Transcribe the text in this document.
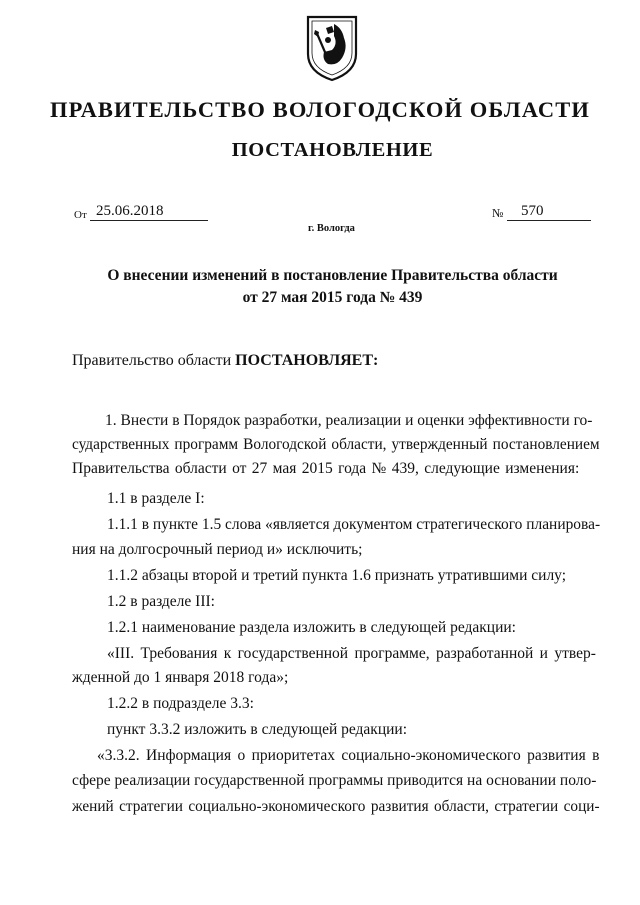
ПРАВИТЕЛЬСТВО ВОЛОГОДСКОЙ ОБЛАСТИ
ПОСТАНОВЛЕНИЕ
От 25.06.2018	№	570
г. Вологда
О внесении изменений в постановление Правительства области
от 27 мая 2015 года № 439
Правительство области ПОСТАНОВЛЯЕТ:
1. Внести в Порядок разработки, реализации и оценки эффективности го-
сударственных программ Вологодской области, утвержденный постановлением
Правительства области от 27 мая 2015 года № 439, следующие изменения:
1.1 в разделе I:
1.1.1 в пункте 1.5 слова «является документом стратегического планирова-
ния на долгосрочный период и» исключить;
1.1.2 абзацы второй и третий пункта 1.6 признать утратившими силу;
1.2 в разделе III:
1.2.1 наименование раздела изложить в следующей редакции:
«III. Требования к государственной программе, разработанной и утвер-
жденной до 1 января 2018 года»;
1.2.2 в подразделе 3.3:
пункт 3.3.2 изложить в следующей редакции:
«3.3.2. Информация о приоритетах социально-экономического развития в
сфере реализации государственной программы приводится на основании поло-
жений стратегии социально-экономического развития области, стратегии соци-
